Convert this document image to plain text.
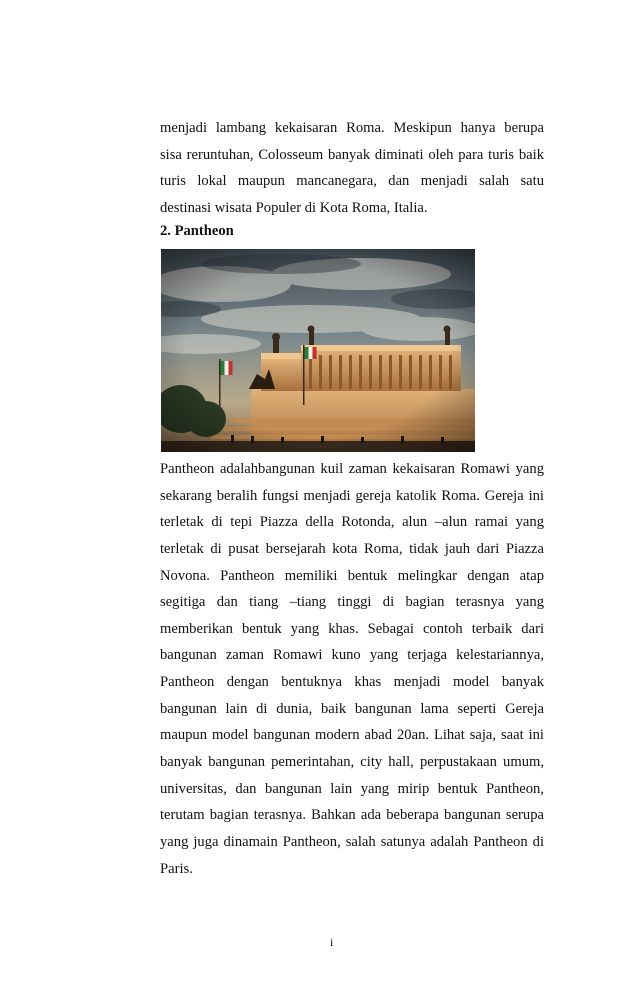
menjadi lambang kekaisaran Roma. Meskipun hanya berupa
sisa reruntuhan, Colosseum banyak diminati oleh para turis baik
turis lokal maupun mancanegara, dan menjadi salah satu
destinasi wisata Populer di Kota Roma, Italia.

2. Pantheon

Pantheon adalahbangunan kuil zaman kekaisaran Romawi yang
sekarang beralih fungsi menjadi gereja katolik Roma. Gereja ini
terletak di tepi Piazza della Rotonda, alun –alun ramai yang
terletak di pusat bersejarah kota Roma, tidak jauh dari Piazza
Novona. Pantheon memiliki bentuk melingkar dengan atap
segitiga dan tiang –tiang tinggi di bagian terasnya yang
memberikan bentuk yang khas. Sebagai contoh terbaik dari
bangunan zaman Romawi kuno yang terjaga kelestariannya,
Pantheon dengan bentuknya khas menjadi model banyak
bangunan lain di dunia, baik bangunan lama seperti Gereja
maupun model bangunan modern abad 20an. Lihat saja, saat ini
banyak bangunan pemerintahan, city hall, perpustakaan umum,
universitas, dan bangunan lain yang mirip bentuk Pantheon,
terutam bagian terasnya. Bahkan ada beberapa bangunan serupa
yang juga dinamain Pantheon, salah satunya adalah Pantheon di
Paris.

i
